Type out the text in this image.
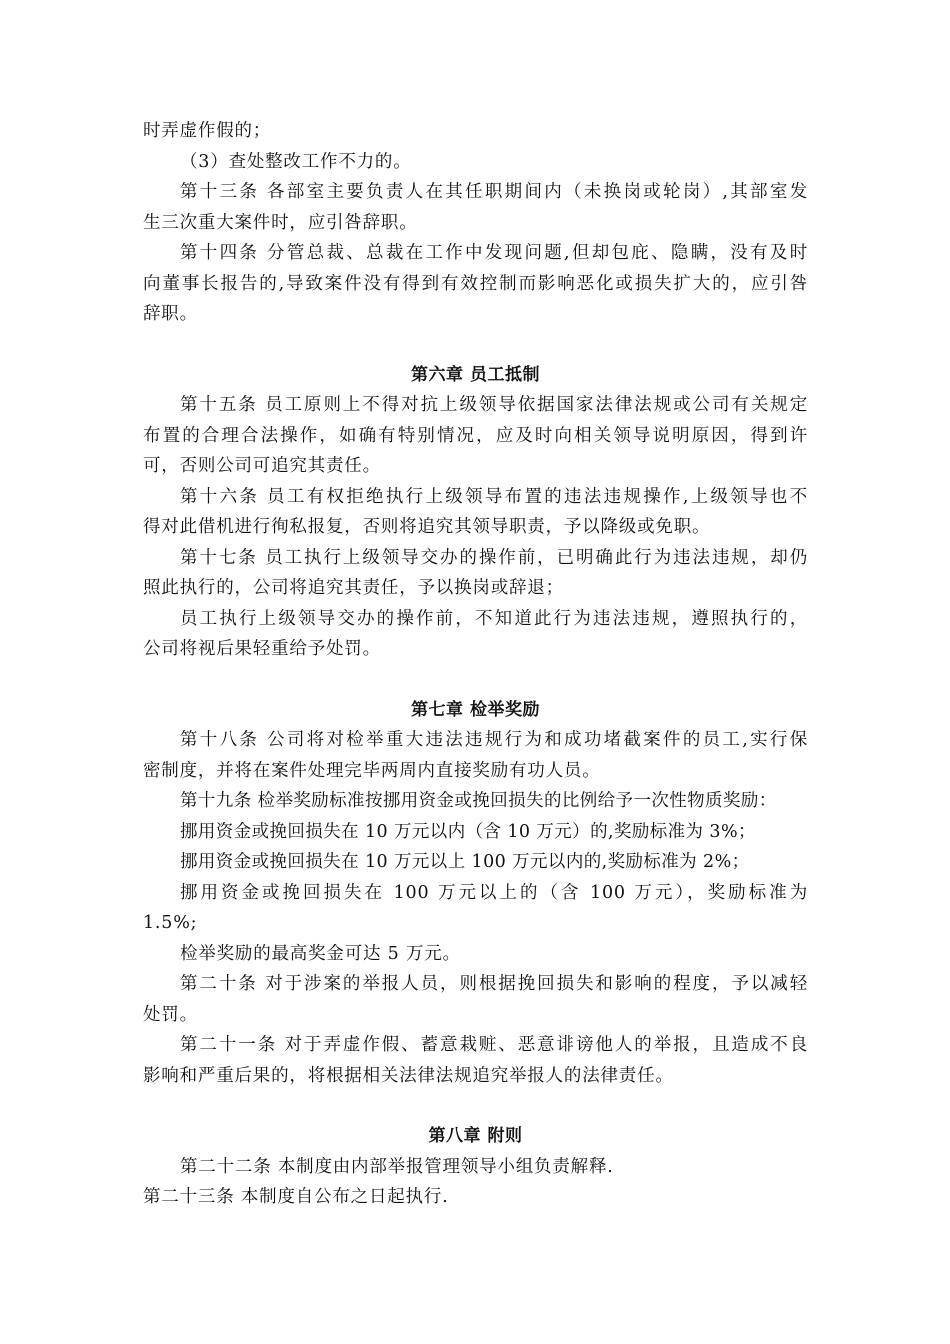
时弄虚作假的；
（3）查处整改工作不力的。
第十三条 各部室主要负责人在其任职期间内（未换岗或轮岗）,其部室发
生三次重大案件时，应引咎辞职。
第十四条 分管总裁、总裁在工作中发现问题,但却包庇、隐瞒，没有及时
向董事长报告的,导致案件没有得到有效控制而影响恶化或损失扩大的，应引咎
辞职。
第六章 员工抵制
第十五条 员工原则上不得对抗上级领导依据国家法律法规或公司有关规定
布置的合理合法操作，如确有特别情况，应及时向相关领导说明原因，得到许
可，否则公司可追究其责任。
第十六条 员工有权拒绝执行上级领导布置的违法违规操作,上级领导也不
得对此借机进行徇私报复，否则将追究其领导职责，予以降级或免职。
第十七条 员工执行上级领导交办的操作前，已明确此行为违法违规，却仍
照此执行的，公司将追究其责任，予以换岗或辞退；
员工执行上级领导交办的操作前，不知道此行为违法违规，遵照执行的，
公司将视后果轻重给予处罚。
第七章 检举奖励
第十八条 公司将对检举重大违法违规行为和成功堵截案件的员工,实行保
密制度，并将在案件处理完毕两周内直接奖励有功人员。
第十九条 检举奖励标准按挪用资金或挽回损失的比例给予一次性物质奖励：
挪用资金或挽回损失在 10 万元以内（含 10 万元）的,奖励标准为 3%；
挪用资金或挽回损失在 10 万元以上 100 万元以内的,奖励标准为 2%；
挪用资金或挽回损失在 100 万元以上的（含 100 万元），奖励标准为
1.5%;
检举奖励的最高奖金可达 5 万元。
第二十条 对于涉案的举报人员，则根据挽回损失和影响的程度，予以减轻
处罚。
第二十一条 对于弄虚作假、蓄意栽赃、恶意诽谤他人的举报，且造成不良
影响和严重后果的，将根据相关法律法规追究举报人的法律责任。
第八章 附则
第二十二条 本制度由内部举报管理领导小组负责解释.
第二十三条 本制度自公布之日起执行.
